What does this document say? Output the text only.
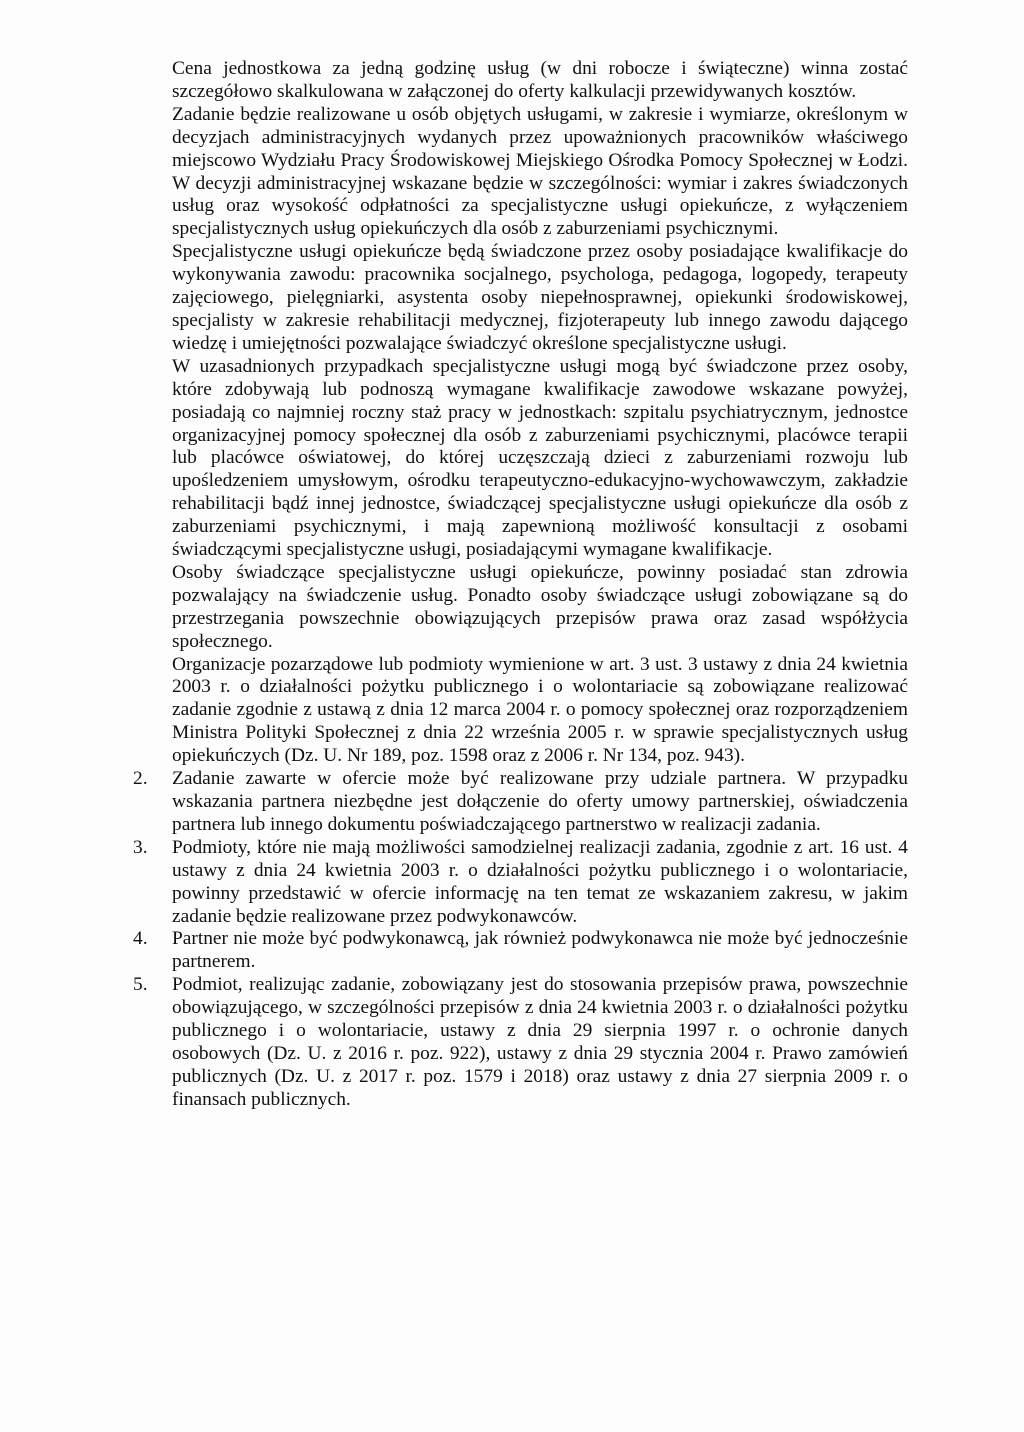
Cena jednostkowa za jedną godzinę usług (w dni robocze i świąteczne) winna zostać szczegółowo skalkulowana w załączonej do oferty kalkulacji przewidywanych kosztów.

Zadanie będzie realizowane u osób objętych usługami, w zakresie i wymiarze, określonym w decyzjach administracyjnych wydanych przez upoważnionych pracowników właściwego miejscowo Wydziału Pracy Środowiskowej Miejskiego Ośrodka Pomocy Społecznej w Łodzi. W decyzji administracyjnej wskazane będzie w szczególności: wymiar i zakres świadczonych usług oraz wysokość odpłatności za specjalistyczne usługi opiekuńcze, z wyłączeniem specjalistycznych usług opiekuńczych dla osób z zaburzeniami psychicznymi.

Specjalistyczne usługi opiekuńcze będą świadczone przez osoby posiadające kwalifikacje do wykonywania zawodu: pracownika socjalnego, psychologa, pedagoga, logopedy, terapeuty zajęciowego, pielęgniarki, asystenta osoby niepełnosprawnej, opiekunki środowiskowej, specjalisty w zakresie rehabilitacji medycznej, fizjoterapeuty lub innego zawodu dającego wiedzę i umiejętności pozwalające świadczyć określone specjalistyczne usługi.

W uzasadnionych przypadkach specjalistyczne usługi mogą być świadczone przez osoby, które zdobywają lub podnoszą wymagane kwalifikacje zawodowe wskazane powyżej, posiadają co najmniej roczny staż pracy w jednostkach: szpitalu psychiatrycznym, jednostce organizacyjnej pomocy społecznej dla osób z zaburzeniami psychicznymi, placówce terapii lub placówce oświatowej, do której uczęszczają dzieci z zaburzeniami rozwoju lub upośledzeniem umysłowym, ośrodku terapeutyczno-edukacyjno-wychowawczym, zakładzie rehabilitacji bądź innej jednostce, świadczącej specjalistyczne usługi opiekuńcze dla osób z zaburzeniami psychicznymi, i mają zapewnioną możliwość konsultacji z osobami świadczącymi specjalistyczne usługi, posiadającymi wymagane kwalifikacje.

Osoby świadczące specjalistyczne usługi opiekuńcze, powinny posiadać stan zdrowia pozwalający na świadczenie usług. Ponadto osoby świadczące usługi zobowiązane są do przestrzegania powszechnie obowiązujących przepisów prawa oraz zasad współżycia społecznego.

Organizacje pozarządowe lub podmioty wymienione w art. 3 ust. 3 ustawy z dnia 24 kwietnia 2003 r. o działalności pożytku publicznego i o wolontariacie są zobowiązane realizować zadanie zgodnie z ustawą z dnia 12 marca 2004 r. o pomocy społecznej oraz rozporządzeniem Ministra Polityki Społecznej z dnia 22 września 2005 r. w sprawie specjalistycznych usług opiekuńczych (Dz. U. Nr 189, poz. 1598 oraz z 2006 r. Nr 134, poz. 943).

2. Zadanie zawarte w ofercie może być realizowane przy udziale partnera. W przypadku wskazania partnera niezbędne jest dołączenie do oferty umowy partnerskiej, oświadczenia partnera lub innego dokumentu poświadczającego partnerstwo w realizacji zadania.
3. Podmioty, które nie mają możliwości samodzielnej realizacji zadania, zgodnie z art. 16 ust. 4 ustawy z dnia 24 kwietnia 2003 r. o działalności pożytku publicznego i o wolontariacie, powinny przedstawić w ofercie informację na ten temat ze wskazaniem zakresu, w jakim zadanie będzie realizowane przez podwykonawców.
4. Partner nie może być podwykonawcą, jak również podwykonawca nie może być jednocześnie partnerem.
5. Podmiot, realizując zadanie, zobowiązany jest do stosowania przepisów prawa, powszechnie obowiązującego, w szczególności przepisów z dnia 24 kwietnia 2003 r. o działalności pożytku publicznego i o wolontariacie, ustawy z dnia 29 sierpnia 1997 r. o ochronie danych osobowych (Dz. U. z 2016 r. poz. 922), ustawy z dnia 29 stycznia 2004 r. Prawo zamówień publicznych (Dz. U. z 2017 r. poz. 1579 i 2018) oraz ustawy z dnia 27 sierpnia 2009 r. o finansach publicznych.
